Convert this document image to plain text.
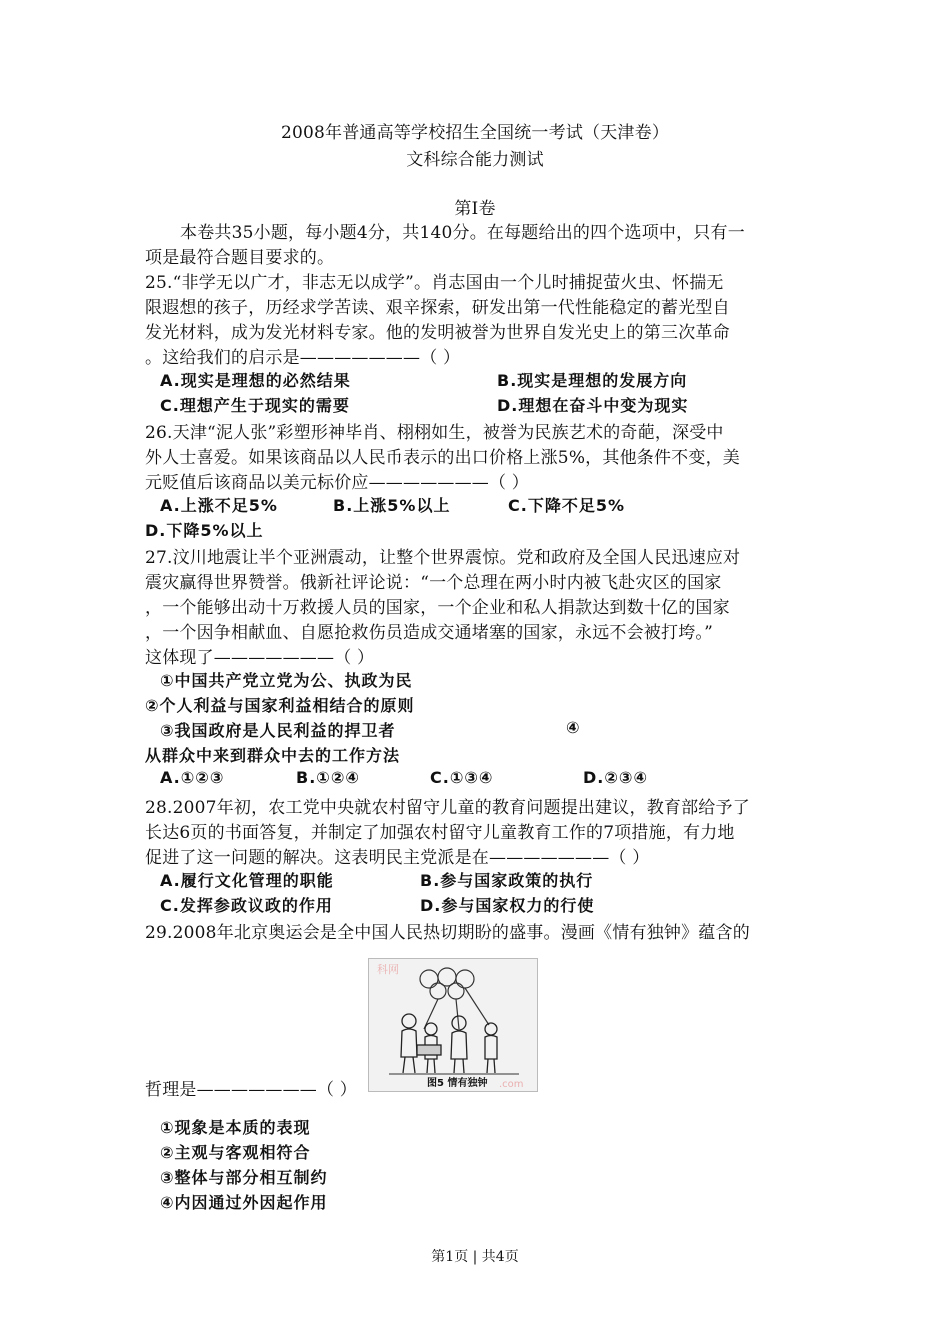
2008年普通高等学校招生全国统一考试（天津卷）
文科综合能力测试
第Ⅰ卷
本卷共35小题，每小题4分，共140分。在每题给出的四个选项中，只有一
项是最符合题目要求的。
25.“非学无以广才，非志无以成学”。肖志国由一个儿时捕捉萤火虫、怀揣无
限遐想的孩子，历经求学苦读、艰辛探索，研发出第一代性能稳定的蓄光型自
发光材料，成为发光材料专家。他的发明被誉为世界自发光史上的第三次革命
。这给我们的启示是———————（ ）
A.现实是理想的必然结果	B.现实是理想的发展方向
C.理想产生于现实的需要	D.理想在奋斗中变为现实
26.天津“泥人张”彩塑形神毕肖、栩栩如生，被誉为民族艺术的奇葩，深受中
外人士喜爱。如果该商品以人民币表示的出口价格上涨5%，其他条件不变，美
元贬值后该商品以美元标价应———————（ ）
A.上涨不足5%	B.上涨5%以上	C.下降不足5%
D.下降5%以上
27.汶川地震让半个亚洲震动，让整个世界震惊。党和政府及全国人民迅速应对
震灾赢得世界赞誉。俄新社评论说：“一个总理在两小时内被飞赴灾区的国家
，一个能够出动十万救援人员的国家，一个企业和私人捐款达到数十亿的国家
，一个因争相献血、自愿抢救伤员造成交通堵塞的国家，永远不会被打垮。”
这体现了———————（ ）
①中国共产党立党为公、执政为民
②个人利益与国家利益相结合的原则
③我国政府是人民利益的捍卫者	④
从群众中来到群众中去的工作方法
A.①②③	B.①②④	C.①③④	D.②③④
28.2007年初，农工党中央就农村留守儿童的教育问题提出建议，教育部给予了
长达6页的书面答复，并制定了加强农村留守儿童教育工作的7项措施，有力地
促进了这一问题的解决。这表明民主党派是在———————（ ）
A.履行文化管理的职能	B.参与国家政策的执行
C.发挥参政议政的作用	D.参与国家权力的行使
29.2008年北京奥运会是全中国人民热切期盼的盛事。漫画《情有独钟》蕴含的
科网
.com
图5 情有独钟
哲理是———————（ ）
①现象是本质的表现
②主观与客观相符合
③整体与部分相互制约
④内因通过外因起作用
第1页 | 共4页
